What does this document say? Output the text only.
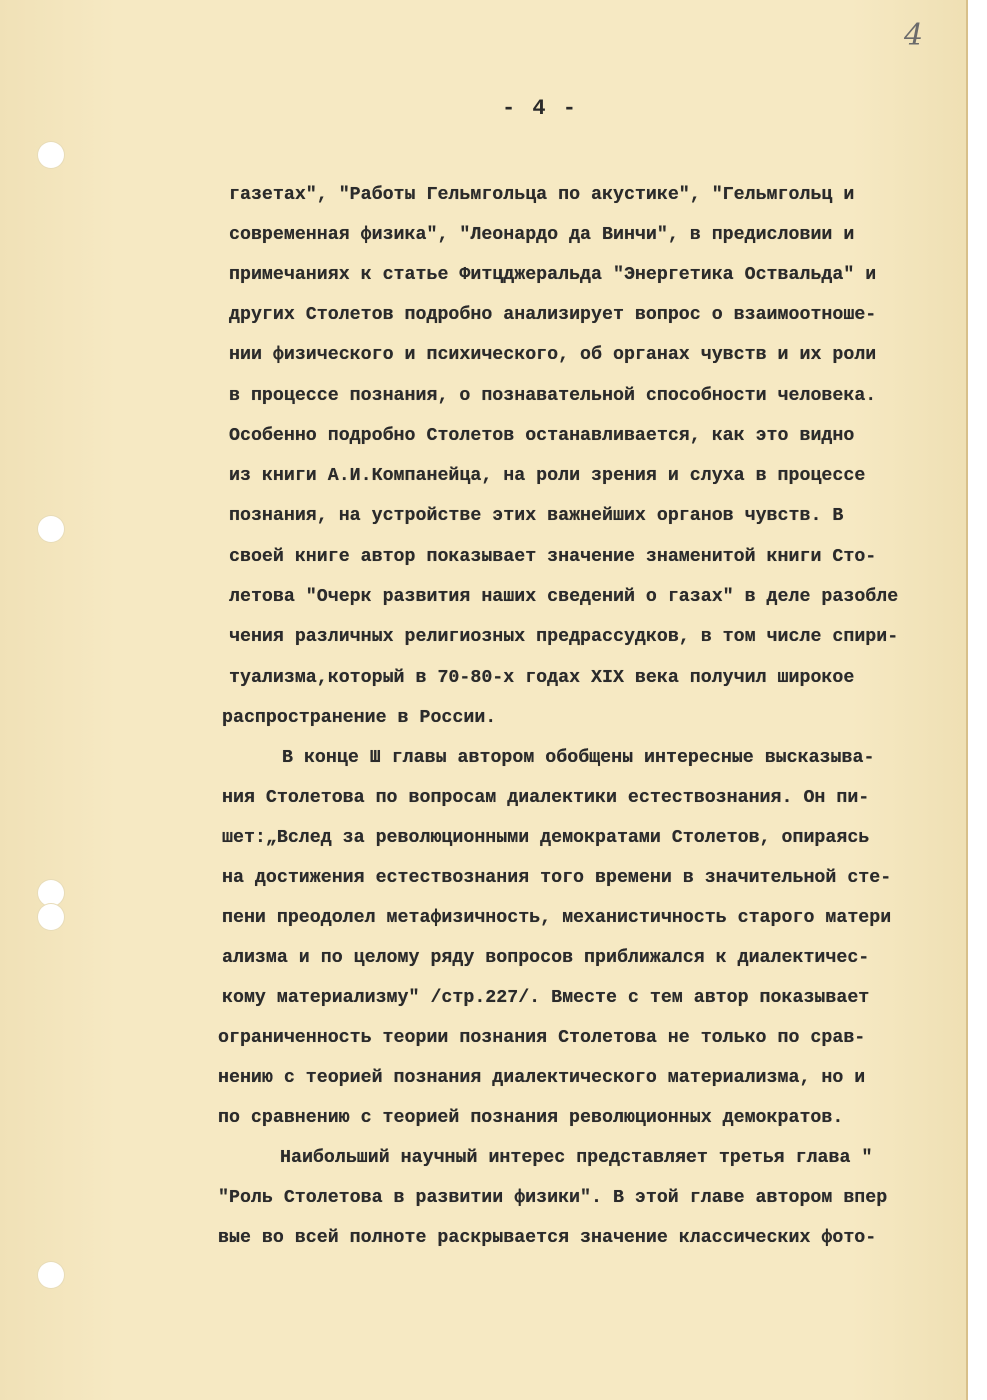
4
- 4 -
газетах", "Работы Гельмгольца по акустике", "Гельмгольц и
современная физика", "Леонардо да Винчи", в предисловии и
примечаниях к статье Фитцджеральда "Энергетика Оствальда" и
других Столетов подробно анализирует вопрос о взаимоотноше-
нии физического и психического, об органах чувств и их роли
в процессе познания, о познавательной способности человека.
Особенно подробно Столетов останавливается, как это видно
из книги А.И.Компанейца, на роли зрения и слуха в процессе
познания, на устройстве этих важнейших органов чувств. В
своей книге автор показывает значение знаменитой книги Сто-
летова "Очерк развития наших сведений о газах" в деле разобле
чения различных религиозных предрассудков, в том числе спири-
туализма,который в 70-80-х годах XIX века получил широкое
распространение в России.
В конце Ш главы автором обобщены интересные высказыва-
ния Столетова по вопросам диалектики естествознания. Он пи-
шет:„Вслед за революционными демократами Столетов, опираясь
на достижения естествознания того времени в значительной сте-
пени преодолел метафизичность, механистичность старого матери
ализма и по целому ряду вопросов приближался к диалектичес-
кому материализму" /стр.227/. Вместе с тем автор показывает
ограниченность теории познания Столетова не только по срав-
нению с теорией познания диалектического материализма, но и
по сравнению с теорией познания революционных демократов.
Наибольший научный интерес представляет третья глава "
"Роль Столетова в развитии физики". В этой главе автором впер
вые во всей полноте раскрывается значение классических фото-
